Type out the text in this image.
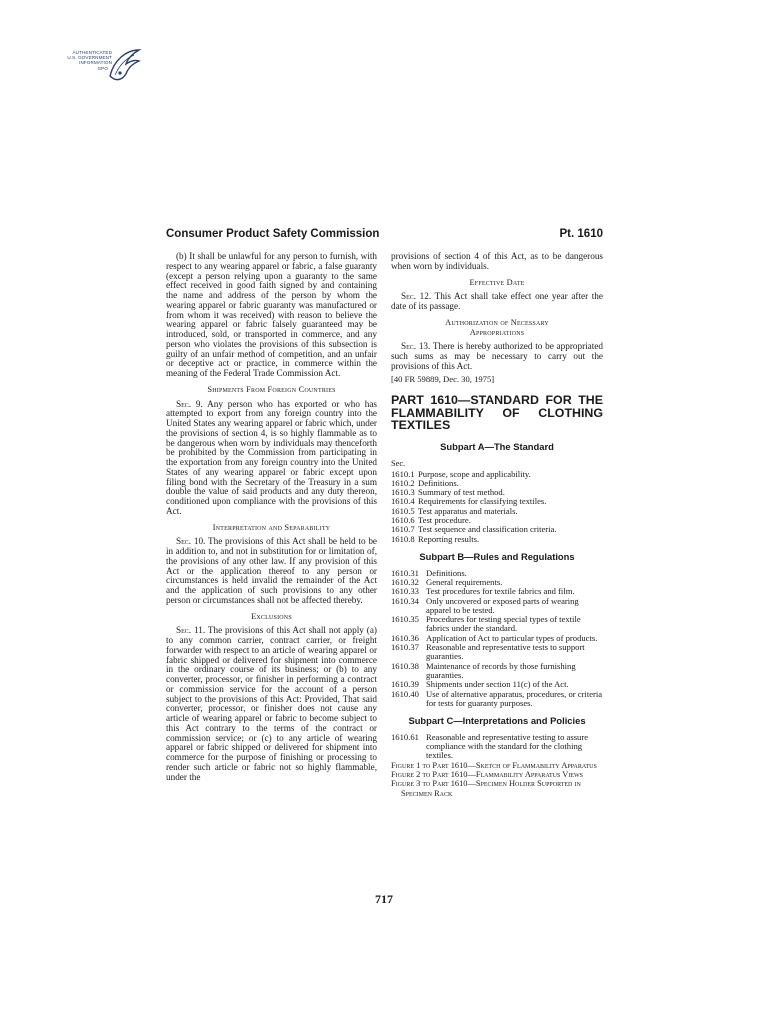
AUTHENTICATED
U.S. GOVERNMENT
INFORMATION
GPO
Consumer Product Safety Commission	Pt. 1610

(b) It shall be unlawful for any person to furnish, with respect to any wearing apparel or fabric, a false guaranty (except a person relying upon a guaranty to the same effect received in good faith signed by and containing the name and address of the person by whom the wearing apparel or fabric guaranty was manufactured or from whom it was received) with reason to believe the wearing apparel or fabric falsely guaranteed may be introduced, sold, or transported in commerce, and any person who violates the provisions of this subsection is guilty of an unfair method of competition, and an unfair or deceptive act or practice, in commerce within the meaning of the Federal Trade Commission Act.

Shipments From Foreign Countries

Sec. 9. Any person who has exported or who has attempted to export from any foreign country into the United States any wearing apparel or fabric which, under the provisions of section 4, is so highly flammable as to be dangerous when worn by individuals may thenceforth be prohibited by the Commission from participating in the exportation from any foreign country into the United States of any wearing apparel or fabric except upon filing bond with the Secretary of the Treasury in a sum double the value of said products and any duty thereon, conditioned upon compliance with the provisions of this Act.

Interpretation and Separability

Sec. 10. The provisions of this Act shall be held to be in addition to, and not in substitution for or limitation of, the provisions of any other law. If any provision of this Act or the application thereof to any person or circumstances is held invalid the remainder of the Act and the application of such provisions to any other person or circumstances shall not be affected thereby.

Exclusions

Sec. 11. The provisions of this Act shall not apply (a) to any common carrier, contract carrier, or freight forwarder with respect to an article of wearing apparel or fabric shipped or delivered for shipment into commerce in the ordinary course of its business; or (b) to any converter, processor, or finisher in performing a contract or commission service for the account of a person subject to the provisions of this Act: Provided, That said converter, processor, or finisher does not cause any article of wearing apparel or fabric to become subject to this Act contrary to the terms of the contract or commission service; or (c) to any article of wearing apparel or fabric shipped or delivered for shipment into commerce for the purpose of finishing or processing to render such article or fabric not so highly flammable, under the

provisions of section 4 of this Act, as to be dangerous when worn by individuals.

Effective Date

Sec. 12. This Act shall take effect one year after the date of its passage.

Authorization of Necessary
Appropriations

Sec. 13. There is hereby authorized to be appropriated such sums as may be necessary to carry out the provisions of this Act.

[40 FR 59889, Dec. 30, 1975]
PART 1610—STANDARD FOR THE FLAMMABILITY OF CLOTHING TEXTILES
Subpart A—The Standard
Sec.
1610.1 Purpose, scope and applicability.
1610.2 Definitions.
1610.3 Summary of test method.
1610.4 Requirements for classifying textiles.
1610.5 Test apparatus and materials.
1610.6 Test procedure.
1610.7 Test sequence and classification criteria.
1610.8 Reporting results.
Subpart B—Rules and Regulations
1610.31 Definitions.
1610.32 General requirements.
1610.33 Test procedures for textile fabrics and film.
1610.34 Only uncovered or exposed parts of wearing apparel to be tested.
1610.35 Procedures for testing special types of textile fabrics under the standard.
1610.36 Application of Act to particular types of products.
1610.37 Reasonable and representative tests to support guaranties.
1610.38 Maintenance of records by those furnishing guaranties.
1610.39 Shipments under section 11(c) of the Act.
1610.40 Use of alternative apparatus, procedures, or criteria for tests for guaranty purposes.
Subpart C—Interpretations and Policies
1610.61 Reasonable and representative testing to assure compliance with the standard for the clothing textiles.

Figure 1 to Part 1610—Sketch of Flammability Apparatus

Figure 2 to Part 1610—Flammability Apparatus Views

Figure 3 to Part 1610—Specimen Holder Supported in Specimen Rack

717
